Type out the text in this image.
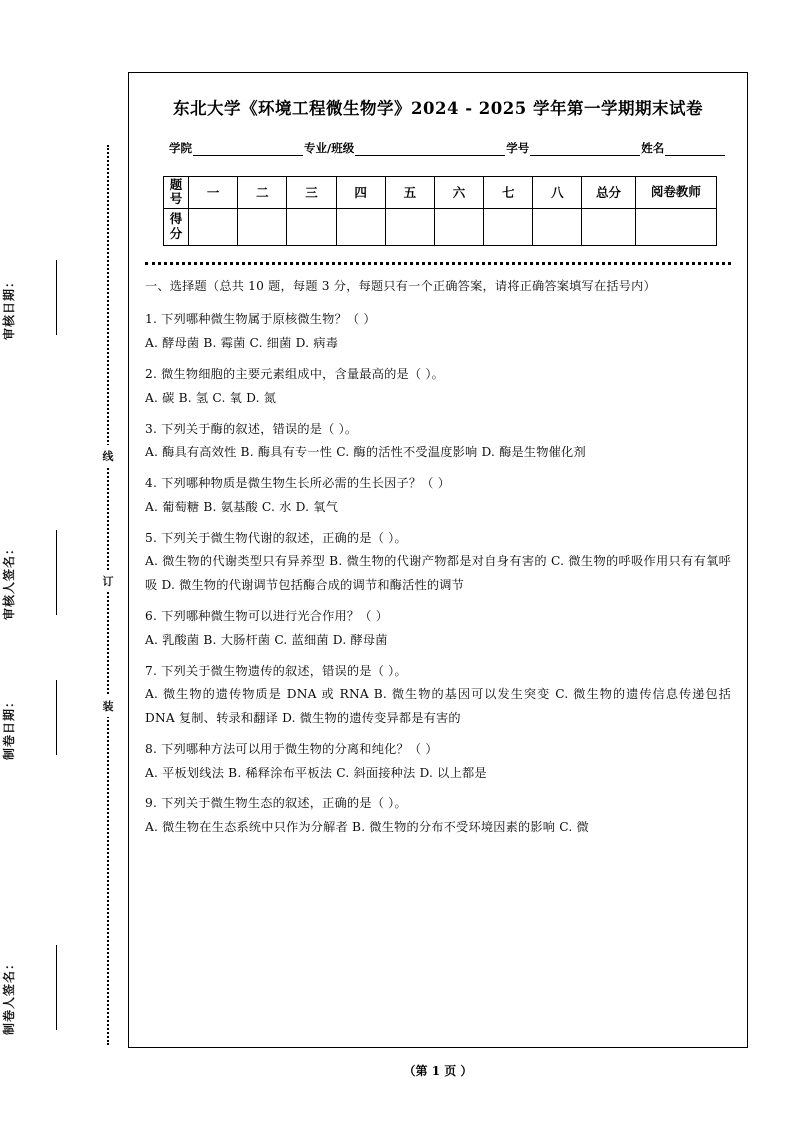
审核日期：
审核人签名：
制卷日期：
制卷人签名：
线
订
装
东北大学《环境工程微生物学》2024 - 2025 学年第一学期期末试卷
学院	专业/班级	学号	姓名
题号	一	二	三	四	五	六	七	八	总分	阅卷教师
得分										

一、选择题（总共 10 题，每题 3 分，每题只有一个正确答案，请将正确答案填写在括号内）

1. 下列哪种微生物属于原核微生物？（ ）

A. 酵母菌 B. 霉菌 C. 细菌 D. 病毒

2. 微生物细胞的主要元素组成中，含量最高的是（ ）。

A. 碳 B. 氢 C. 氧 D. 氮

3. 下列关于酶的叙述，错误的是（ ）。

A. 酶具有高效性 B. 酶具有专一性 C. 酶的活性不受温度影响 D. 酶是生物催化剂

4. 下列哪种物质是微生物生长所必需的生长因子？（ ）

A. 葡萄糖 B. 氨基酸 C. 水 D. 氧气

5. 下列关于微生物代谢的叙述，正确的是（ ）。

A. 微生物的代谢类型只有异养型 B. 微生物的代谢产物都是对自身有害的 C. 微生物的呼吸作用只有有氧呼吸 D. 微生物的代谢调节包括酶合成的调节和酶活性的调节

6. 下列哪种微生物可以进行光合作用？（ ）

A. 乳酸菌 B. 大肠杆菌 C. 蓝细菌 D. 酵母菌

7. 下列关于微生物遗传的叙述，错误的是（ ）。

A. 微生物的遗传物质是 DNA 或 RNA B. 微生物的基因可以发生突变 C. 微生物的遗传信息传递包括 DNA 复制、转录和翻译 D. 微生物的遗传变异都是有害的

8. 下列哪种方法可以用于微生物的分离和纯化？（ ）

A. 平板划线法 B. 稀释涂布平板法 C. 斜面接种法 D. 以上都是

9. 下列关于微生物生态的叙述，正确的是（ ）。

A. 微生物在生态系统中只作为分解者 B. 微生物的分布不受环境因素的影响 C. 微

（第 1 页 ）
